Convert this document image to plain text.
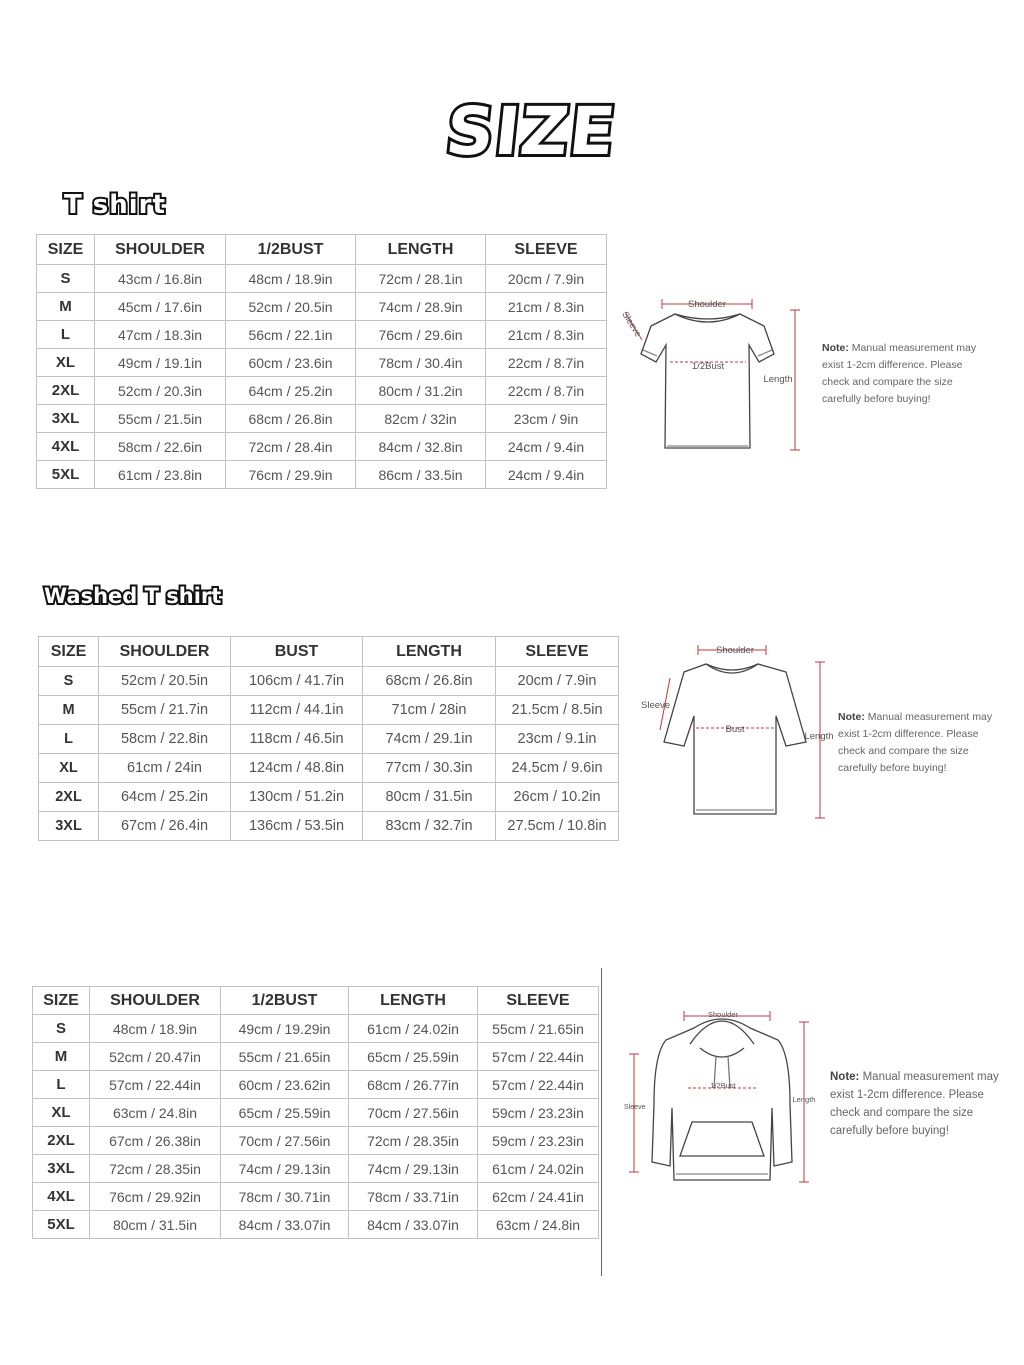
SIZE
T shirt
SIZE	SHOULDER	1/2BUST	LENGTH	SLEEVE
S	43cm / 16.8in	48cm / 18.9in	72cm / 28.1in	20cm / 7.9in
M	45cm / 17.6in	52cm / 20.5in	74cm / 28.9in	21cm / 8.3in
L	47cm / 18.3in	56cm / 22.1in	76cm / 29.6in	21cm / 8.3in
XL	49cm / 19.1in	60cm / 23.6in	78cm / 30.4in	22cm / 8.7in
2XL	52cm / 20.3in	64cm / 25.2in	80cm / 31.2in	22cm / 8.7in
3XL	55cm / 21.5in	68cm / 26.8in	82cm / 32in	23cm / 9in
4XL	58cm / 22.6in	72cm / 28.4in	84cm / 32.8in	24cm / 9.4in
5XL	61cm / 23.8in	76cm / 29.9in	86cm / 33.5in	24cm / 9.4in
Shoulder
Sleeve
1/2Bust
Length

Note: Manual measurement may exist 1-2cm difference. Please check and compare the size carefully before buying!

Washed T shirt
SIZE	SHOULDER	BUST	LENGTH	SLEEVE
S	52cm / 20.5in	106cm / 41.7in	68cm / 26.8in	20cm / 7.9in
M	55cm / 21.7in	112cm / 44.1in	71cm / 28in	21.5cm / 8.5in
L	58cm / 22.8in	118cm / 46.5in	74cm / 29.1in	23cm / 9.1in
XL	61cm / 24in	124cm / 48.8in	77cm / 30.3in	24.5cm / 9.6in
2XL	64cm / 25.2in	130cm / 51.2in	80cm / 31.5in	26cm / 10.2in
3XL	67cm / 26.4in	136cm / 53.5in	83cm / 32.7in	27.5cm / 10.8in
Shoulder
Sleeve
Bust
Length

Note: Manual measurement may exist 1-2cm difference. Please check and compare the size carefully before buying!

SIZE	SHOULDER	1/2BUST	LENGTH	SLEEVE
S	48cm / 18.9in	49cm / 19.29in	61cm / 24.02in	55cm / 21.65in
M	52cm / 20.47in	55cm / 21.65in	65cm / 25.59in	57cm / 22.44in
L	57cm / 22.44in	60cm / 23.62in	68cm / 26.77in	57cm / 22.44in
XL	63cm / 24.8in	65cm / 25.59in	70cm / 27.56in	59cm / 23.23in
2XL	67cm / 26.38in	70cm / 27.56in	72cm / 28.35in	59cm / 23.23in
3XL	72cm / 28.35in	74cm / 29.13in	74cm / 29.13in	61cm / 24.02in
4XL	76cm / 29.92in	78cm / 30.71in	78cm / 33.71in	62cm / 24.41in
5XL	80cm / 31.5in	84cm / 33.07in	84cm / 33.07in	63cm / 24.8in
Shoulder
Sleeve
1/2Bust
Length

Note: Manual measurement may exist 1-2cm difference. Please check and compare the size carefully before buying!
